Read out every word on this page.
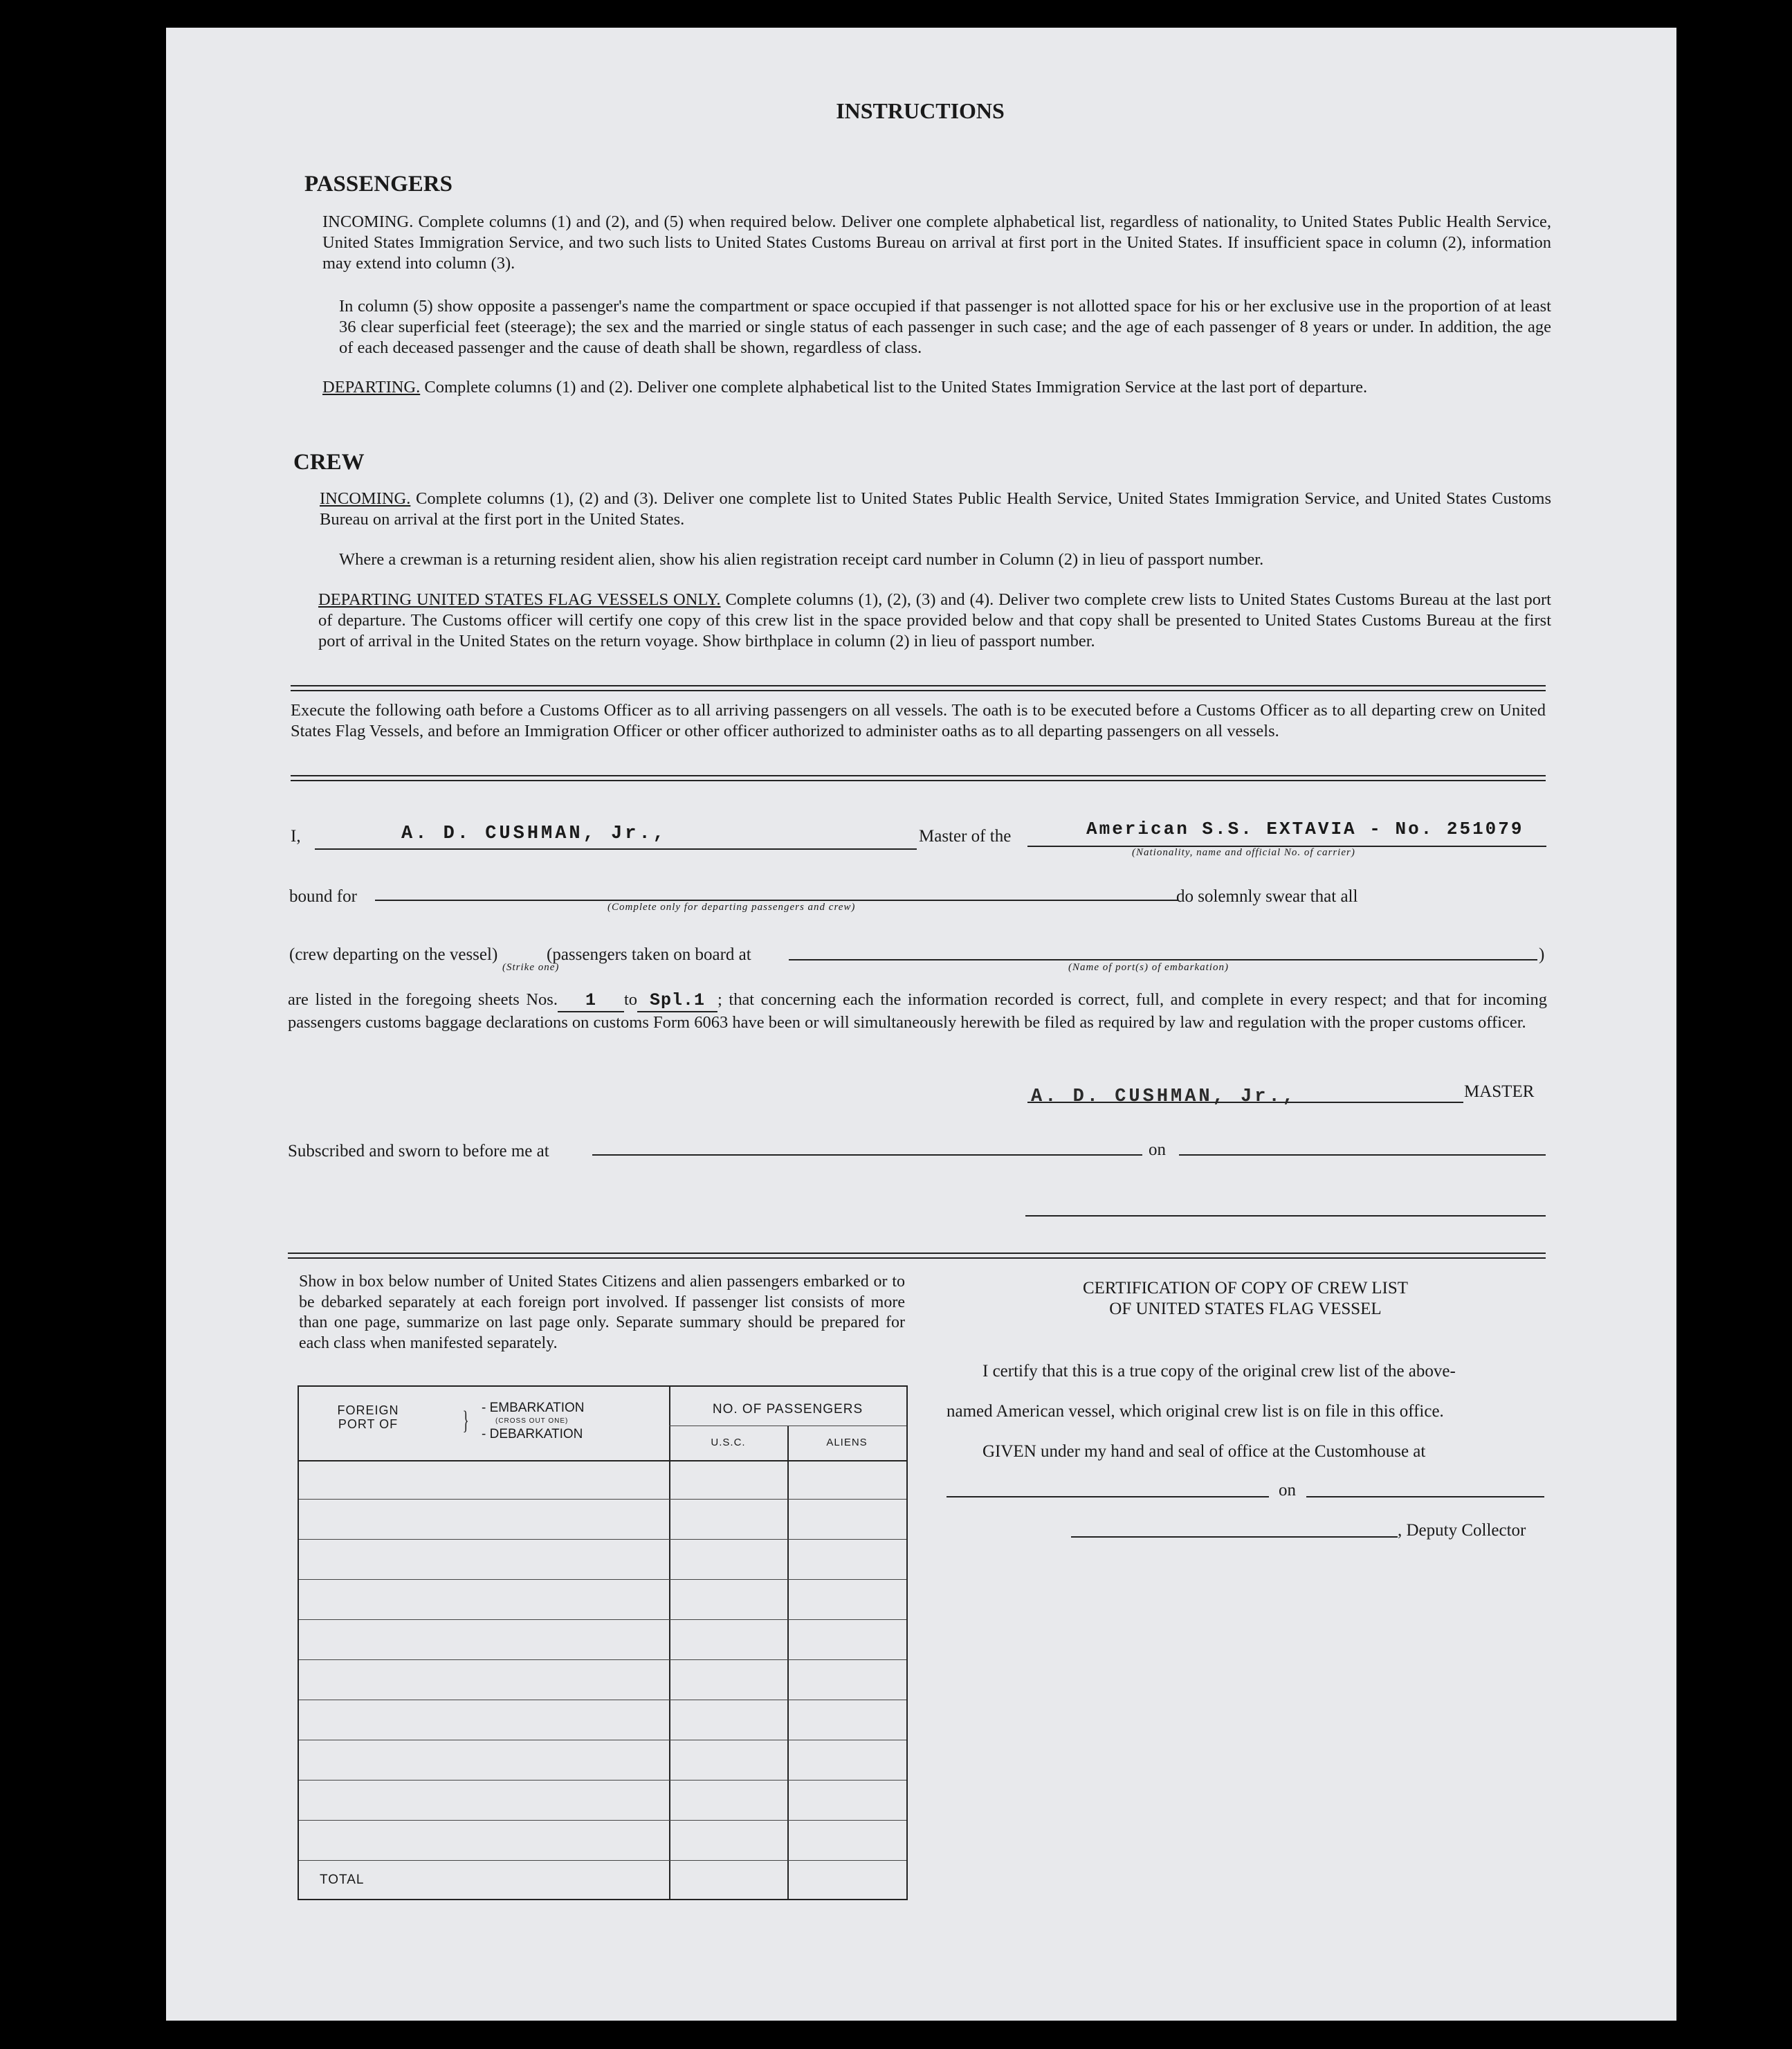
INSTRUCTIONS
PASSENGERS
INCOMING. Complete columns (1) and (2), and (5) when required below. Deliver one complete alphabetical list, regardless of nationality, to United States Public Health Service, United States Immigration Service, and two such lists to United States Customs Bureau on arrival at first port in the United States. If insufficient space in column (2), information may extend into column (3).
In column (5) show opposite a passenger's name the compartment or space occupied if that passenger is not allotted space for his or her exclusive use in the proportion of at least 36 clear superficial feet (steerage); the sex and the married or single status of each passenger in such case; and the age of each passenger of 8 years or under. In addition, the age of each deceased passenger and the cause of death shall be shown, regardless of class.
DEPARTING. Complete columns (1) and (2). Deliver one complete alphabetical list to the United States Immigration Service at the last port of departure.
CREW
INCOMING. Complete columns (1), (2) and (3). Deliver one complete list to United States Public Health Service, United States Immigration Service, and United States Customs Bureau on arrival at the first port in the United States.
Where a crewman is a returning resident alien, show his alien registration receipt card number in Column (2) in lieu of passport number.
DEPARTING UNITED STATES FLAG VESSELS ONLY. Complete columns (1), (2), (3) and (4). Deliver two complete crew lists to United States Customs Bureau at the last port of departure. The Customs officer will certify one copy of this crew list in the space provided below and that copy shall be presented to United States Customs Bureau at the first port of arrival in the United States on the return voyage. Show birthplace in column (2) in lieu of passport number.
Execute the following oath before a Customs Officer as to all arriving passengers on all vessels. The oath is to be executed before a Customs Officer as to all departing crew on United States Flag Vessels, and before an Immigration Officer or other officer authorized to administer oaths as to all departing passengers on all vessels.
I,	A. D. CUSHMAN, Jr.,	Master of the	American S.S. EXTAVIA - No. 251079
(Nationality, name and official No. of carrier)
bound for
(Complete only for departing passengers and crew)
do solemnly swear that all
(crew departing on the vessel)	(passengers taken on board at	)
(Strike one)	(Name of port(s) of embarkation)
are listed in the foregoing sheets Nos. 1 to Spl.1 ; that concerning each the information recorded is correct, full, and complete in every respect; and that for incoming passengers customs baggage declarations on customs Form 6063 have been or will simultaneously herewith be filed as required by law and regulation with the proper customs officer.
A. D. CUSHMAN, Jr.,	MASTER
Subscribed and sworn to before me at	on
Show in box below number of United States Citizens and alien passengers embarked or to be debarked separately at each foreign port involved. If passenger list consists of more than one page, summarize on last page only. Separate summary should be prepared for each class when manifested separately.
FOREIGN PORT OF } - EMBARKATION
(CROSS OUT ONE)
- DEBARKATION
NO. OF PASSENGERS
U.S.C.	ALIENS
TOTAL
CERTIFICATION OF COPY OF CREW LIST
OF UNITED STATES FLAG VESSEL
I certify that this is a true copy of the original crew list of the above-
named American vessel, which original crew list is on file in this office.
GIVEN under my hand and seal of office at the Customhouse at
on
, Deputy Collector
